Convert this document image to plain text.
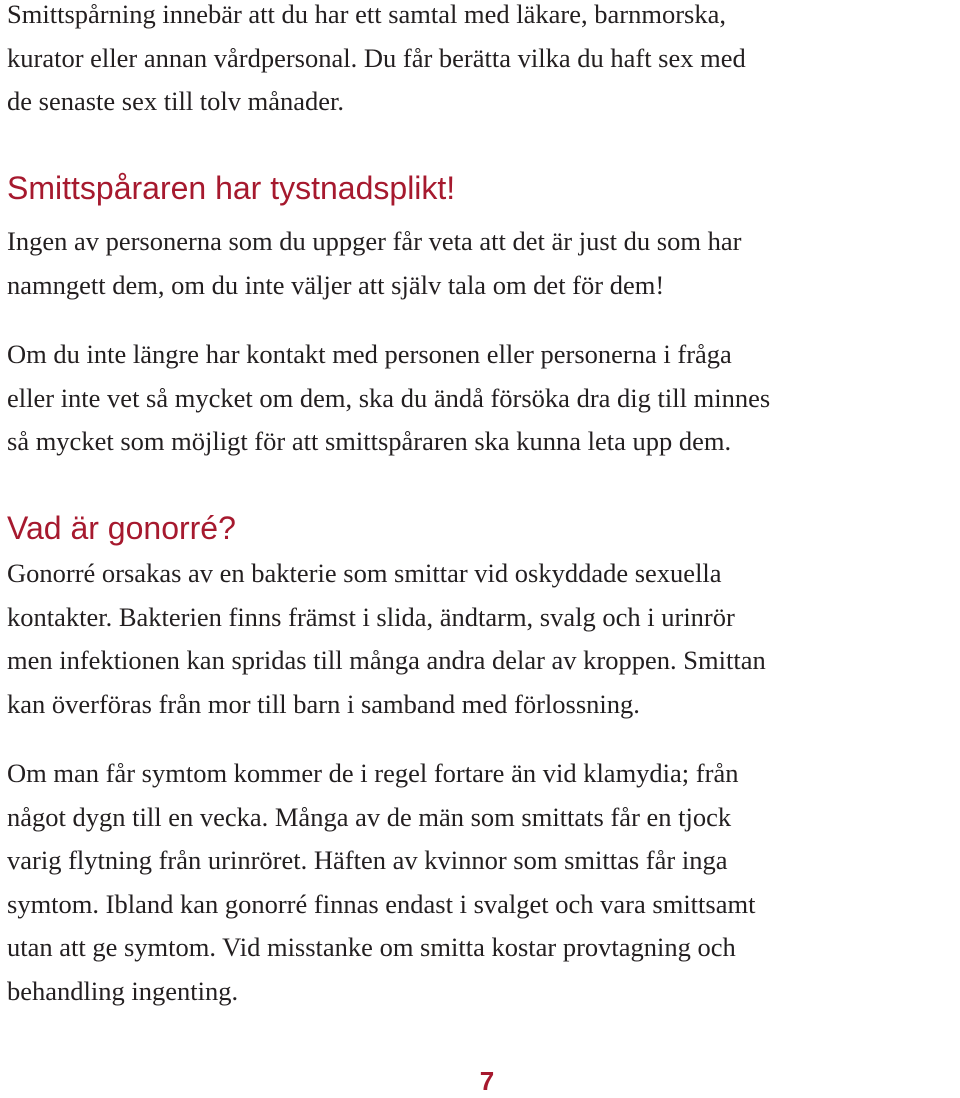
Smittspårning innebär att du har ett samtal med läkare, barnmorska,
kurator eller annan vårdpersonal. Du får berätta vilka du haft sex med
de senaste sex till tolv månader.

Smittspåraren har tystnadsplikt!

Ingen av personerna som du uppger får veta att det är just du som har
namngett dem, om du inte väljer att själv tala om det för dem!

Om du inte längre har kontakt med personen eller personerna i fråga
eller inte vet så mycket om dem, ska du ändå försöka dra dig till minnes
så mycket som möjligt för att smittspåraren ska kunna leta upp dem.

Vad är gonorré?

Gonorré orsakas av en bakterie som smittar vid oskyddade sexuella
kontakter. Bakterien finns främst i slida, ändtarm, svalg och i urinrör
men infektionen kan spridas till många andra delar av kroppen. Smittan
kan överföras från mor till barn i samband med förlossning.

Om man får symtom kommer de i regel fortare än vid klamydia; från
något dygn till en vecka. Många av de män som smittats får en tjock
varig flytning från urinröret. Häften av kvinnor som smittas får inga
symtom. Ibland kan gonorré finnas endast i svalget och vara smittsamt
utan att ge symtom. Vid misstanke om smitta kostar provtagning och
behandling ingenting.

7
